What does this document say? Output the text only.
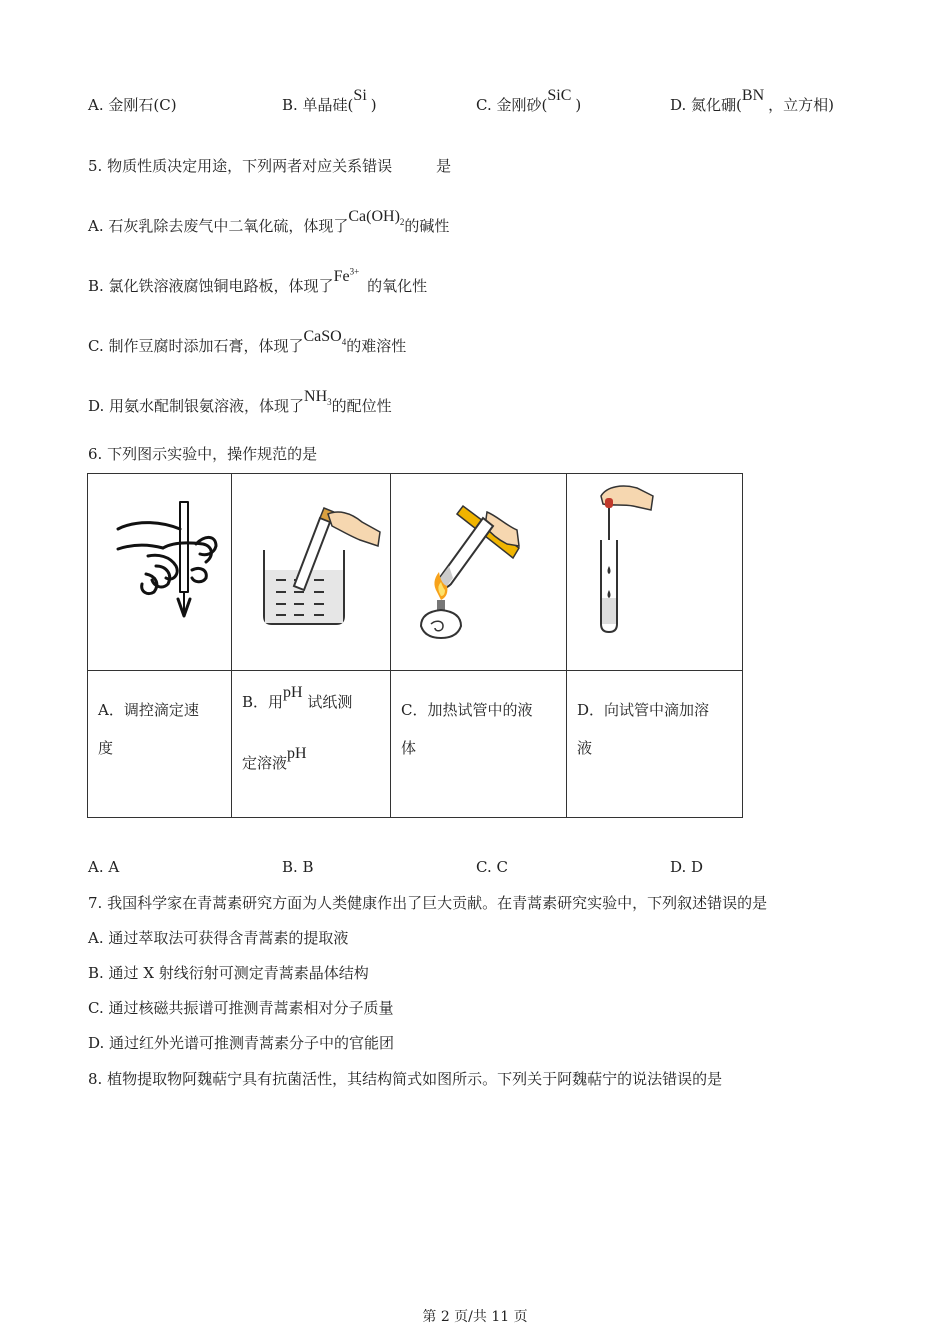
A. 金刚石(C)	B. 单晶硅(Si)	C. 金刚砂(SiC)	D. 氮化硼(BN，立方相)
5. 物质性质决定用途，下列两者对应关系错误	是
A. 石灰乳除去废气中二氧化硫，体现了$Ca(OH)_2$的碱性
B. 氯化铁溶液腐蚀铜电路板，体现了$Fe^{3+}$的氧化性
C. 制作豆腐时添加石膏，体现了CaSO$_4$的难溶性
D. 用氨水配制银氨溶液，体现了$NH_3$的配位性
6. 下列图示实验中，操作规范的是

A．调控滴定速
度	B．用pH 试纸测
定溶液pH	C．加热试管中的液
体	D．向试管中滴加溶
液
A. A	B. B	C. C	D. D
7. 我国科学家在青蒿素研究方面为人类健康作出了巨大贡献。在青蒿素研究实验中，下列叙述错误的是
A. 通过萃取法可获得含青蒿素的提取液
B. 通过 X 射线衍射可测定青蒿素晶体结构
C. 通过核磁共振谱可推测青蒿素相对分子质量
D. 通过红外光谱可推测青蒿素分子中的官能团
8. 植物提取物阿魏萜宁具有抗菌活性，其结构简式如图所示。下列关于阿魏萜宁的说法错误的是
第 2 页/共 11 页
